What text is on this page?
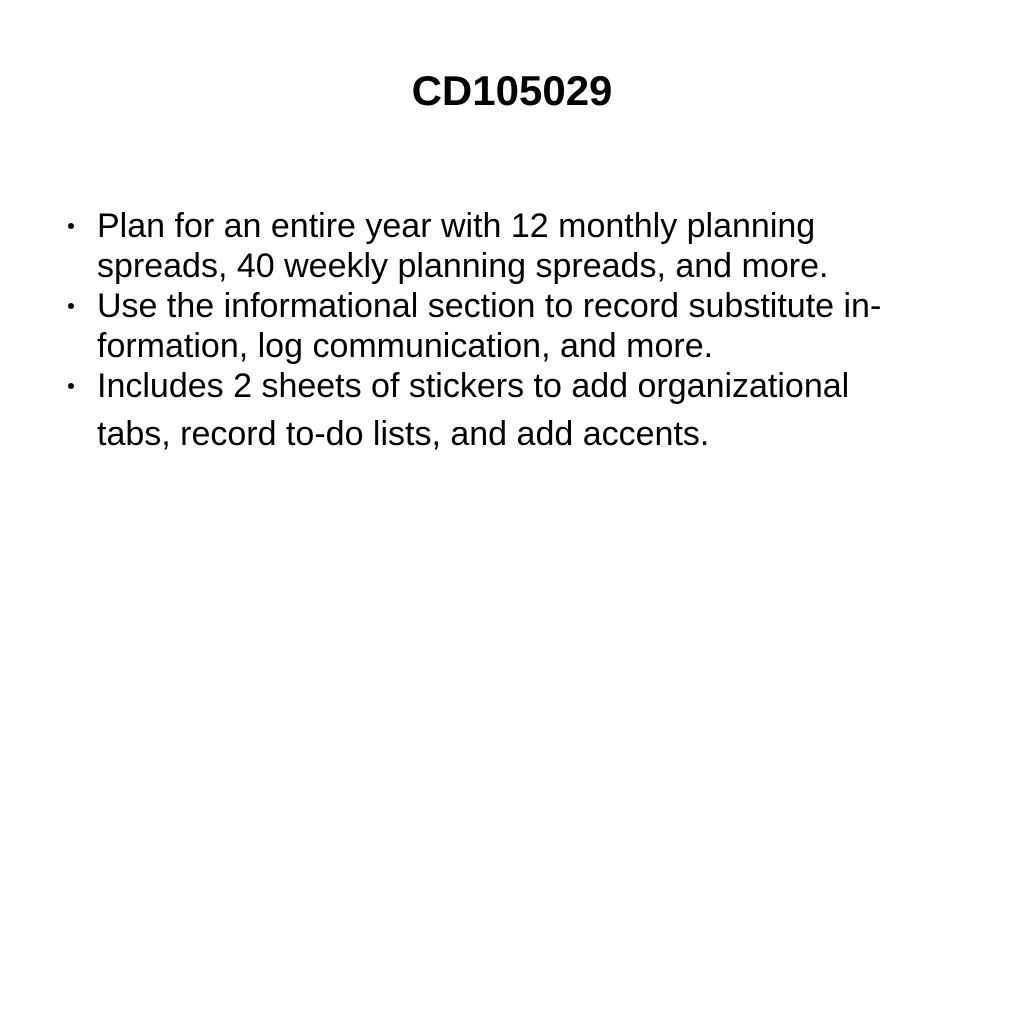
CD105029
Plan for an entire year with 12 monthly planning
spreads, 40 weekly planning spreads, and more.
Use the informational section to record substitute in-
formation, log communication, and more.
Includes 2 sheets of stickers to add organizational
tabs, record to-do lists, and add accents.
